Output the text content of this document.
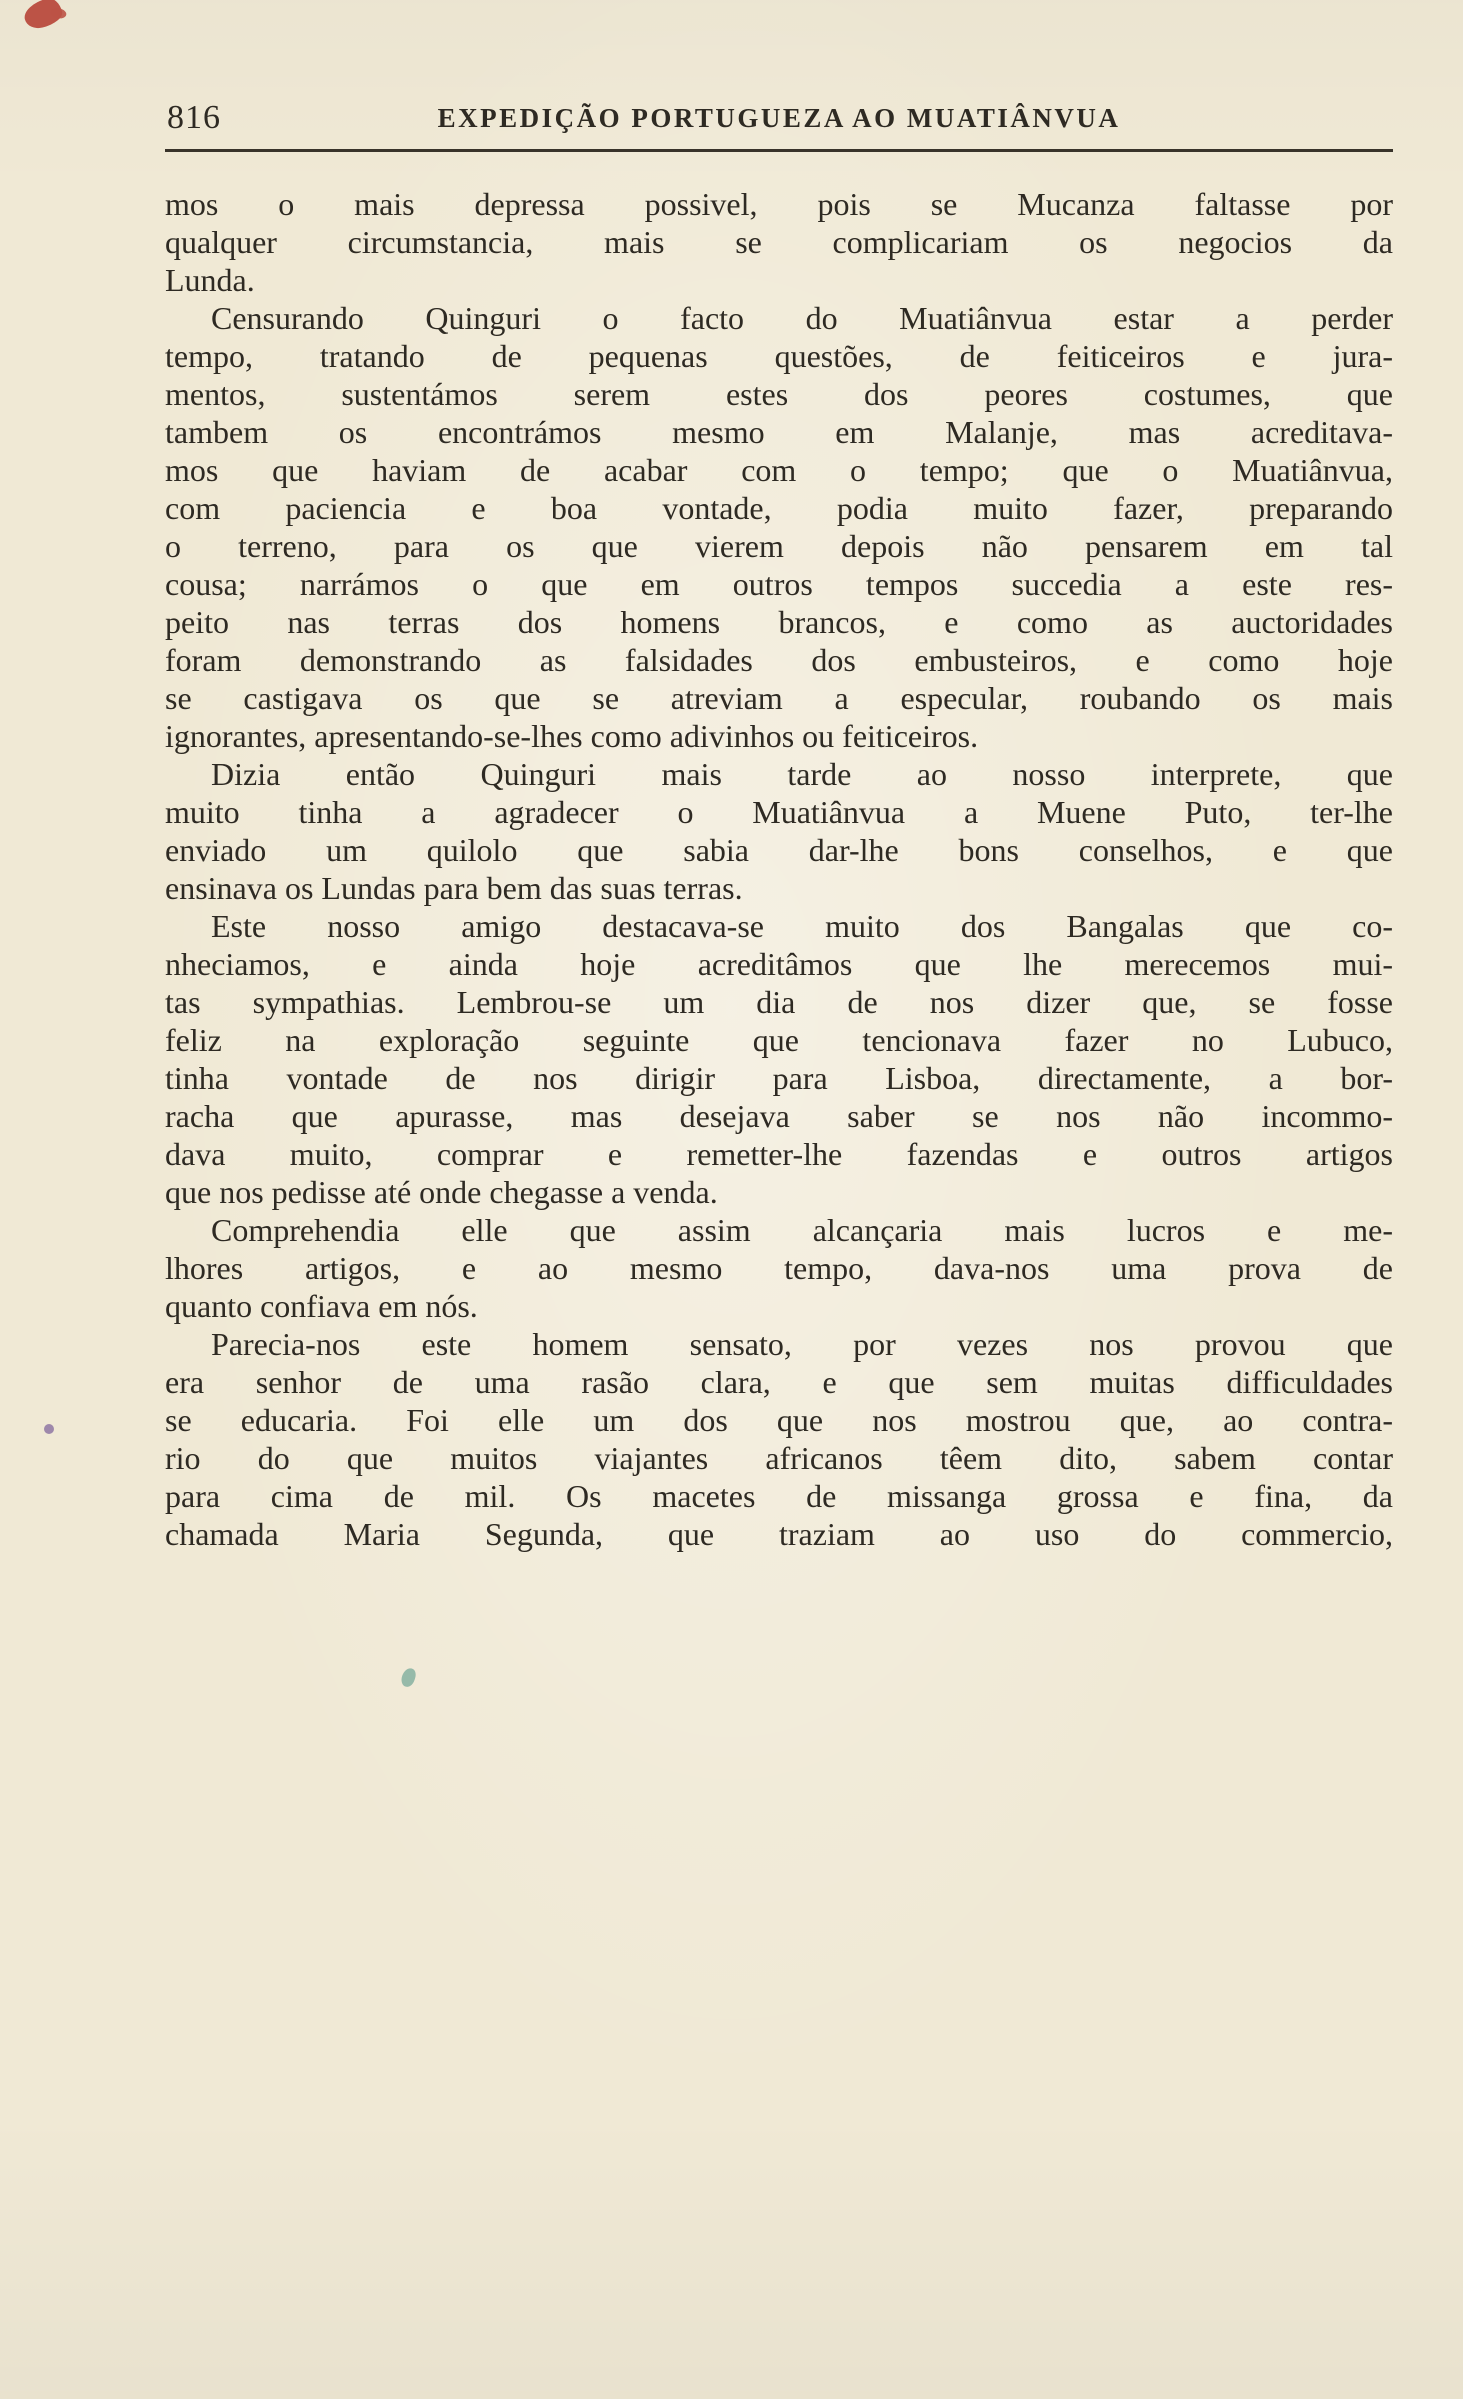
816	EXPEDIÇÃO PORTUGUEZA AO MUATIÂNVUA

mos o mais depressa possivel, pois se Mucanza faltasse por
qualquer circumstancia, mais se complicariam os negocios da
Lunda.

Censurando Quinguri o facto do Muatiânvua estar a perder
tempo, tratando de pequenas questões, de feiticeiros e jura-
mentos, sustentámos serem estes dos peores costumes, que
tambem os encontrámos mesmo em Malanje, mas acreditava-
mos que haviam de acabar com o tempo; que o Muatiânvua,
com paciencia e boa vontade, podia muito fazer, preparando
o terreno, para os que vierem depois não pensarem em tal
cousa; narrámos o que em outros tempos succedia a este res-
peito nas terras dos homens brancos, e como as auctoridades
foram demonstrando as falsidades dos embusteiros, e como hoje
se castigava os que se atreviam a especular, roubando os mais
ignorantes, apresentando-se-lhes como adivinhos ou feiticeiros.

Dizia então Quinguri mais tarde ao nosso interprete, que
muito tinha a agradecer o Muatiânvua a Muene Puto, ter-lhe
enviado um quilolo que sabia dar-lhe bons conselhos, e que
ensinava os Lundas para bem das suas terras.

Este nosso amigo destacava-se muito dos Bangalas que co-
nheciamos, e ainda hoje acreditâmos que lhe merecemos mui-
tas sympathias. Lembrou-se um dia de nos dizer que, se fosse
feliz na exploração seguinte que tencionava fazer no Lubuco,
tinha vontade de nos dirigir para Lisboa, directamente, a bor-
racha que apurasse, mas desejava saber se nos não incommo-
dava muito, comprar e remetter-lhe fazendas e outros artigos
que nos pedisse até onde chegasse a venda.

Comprehendia elle que assim alcançaria mais lucros e me-
lhores artigos, e ao mesmo tempo, dava-nos uma prova de
quanto confiava em nós.

Parecia-nos este homem sensato, por vezes nos provou que
era senhor de uma rasão clara, e que sem muitas difficuldades
se educaria. Foi elle um dos que nos mostrou que, ao contra-
rio do que muitos viajantes africanos têem dito, sabem contar
para cima de mil. Os macetes de missanga grossa e fina, da
chamada Maria Segunda, que traziam ao uso do commercio,
